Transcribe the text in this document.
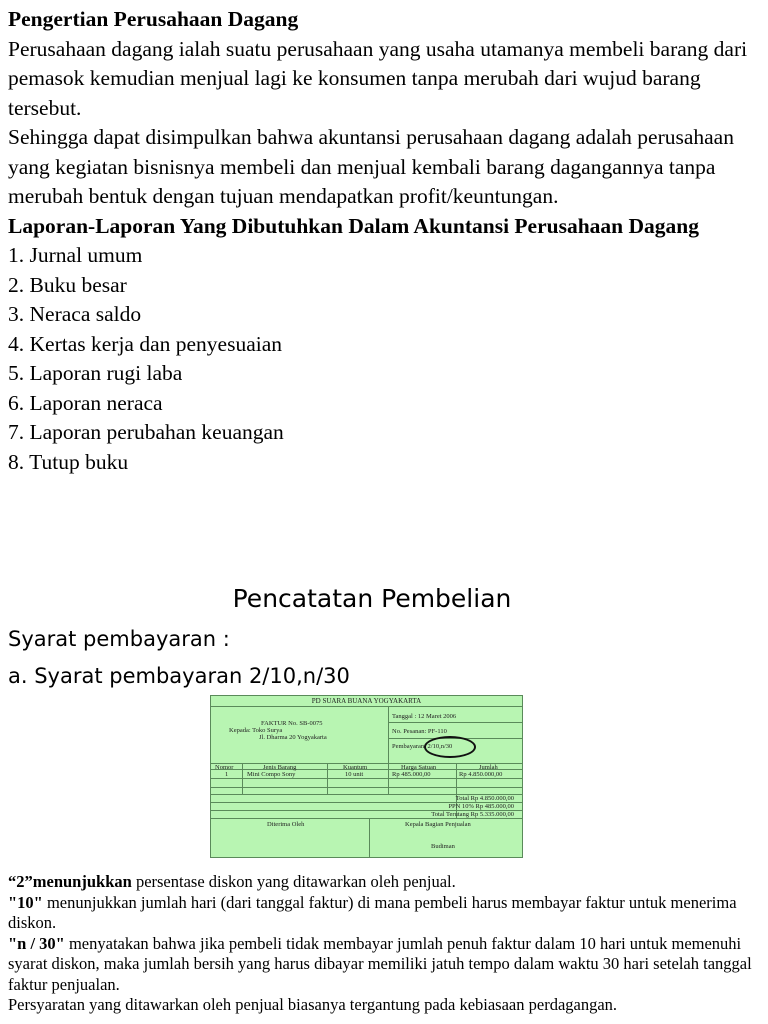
Pengertian Perusahaan Dagang

Perusahaan dagang ialah suatu perusahaan yang usaha utamanya membeli barang dari pemasok kemudian menjual lagi ke konsumen tanpa merubah dari wujud barang tersebut.

Sehingga dapat disimpulkan bahwa akuntansi perusahaan dagang adalah perusahaan yang kegiatan bisnisnya membeli dan menjual kembali barang dagangannya tanpa merubah bentuk dengan tujuan mendapatkan profit/keuntungan.

Laporan-Laporan Yang Dibutuhkan Dalam Akuntansi Perusahaan Dagang

1. Jurnal umum
2. Buku besar
3. Neraca saldo
4. Kertas kerja dan penyesuaian
5. Laporan rugi laba
6. Laporan neraca
7. Laporan perubahan keuangan
8. Tutup buku
Pencatatan Pembelian
Syarat pembayaran :
a. Syarat pembayaran 2/10,n/30
PD SUARA BUANA YOGYAKARTA
FAKTUR No. SB-0075
Kepada: Toko Surya
Jl. Dharma 20 Yogyakarta
Tanggal : 12 Maret 2006
No. Pesanan: PF-110
Pembayaran: 2/10,n/30
Nomor	Jenis Barang	Kuantum	Harga Satuan	Jumlah
1	Mini Compo Sony	10 unit	Rp 485.000,00	Rp 4.850.000,00
Total Rp 4.850.000,00
PPN 10% Rp 485.000,00
Total Terutang Rp 5.335.000,00
Diterima Oleh	Kepala Bagian Penjualan
Budiman

“2”menunjukkan persentase diskon yang ditawarkan oleh penjual.

"10" menunjukkan jumlah hari (dari tanggal faktur) di mana pembeli harus membayar faktur untuk menerima diskon.

"n / 30" menyatakan bahwa jika pembeli tidak membayar jumlah penuh faktur dalam 10 hari untuk memenuhi syarat diskon, maka jumlah bersih yang harus dibayar memiliki jatuh tempo dalam waktu 30 hari setelah tanggal faktur penjualan.

Persyaratan yang ditawarkan oleh penjual biasanya tergantung pada kebiasaan perdagangan.
